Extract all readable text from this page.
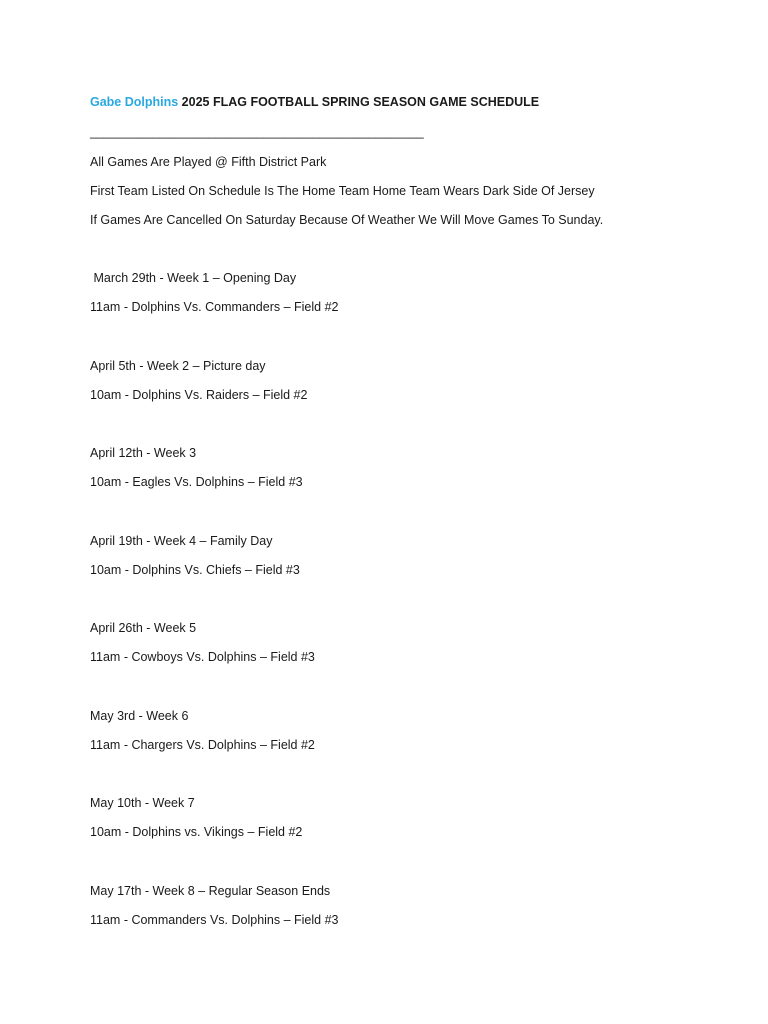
Gabe Dolphins 2025 FLAG FOOTBALL SPRING SEASON GAME SCHEDULE
________________________________________________
All Games Are Played @ Fifth District Park
First Team Listed On Schedule Is The Home Team Home Team Wears Dark Side Of Jersey
If Games Are Cancelled On Saturday Because Of Weather We Will Move Games To Sunday.
March 29th - Week 1 – Opening Day
11am - Dolphins Vs. Commanders – Field #2
April 5th - Week 2 – Picture day
10am - Dolphins Vs. Raiders – Field #2
April 12th - Week 3
10am - Eagles Vs. Dolphins – Field #3
April 19th - Week 4 – Family Day
10am - Dolphins Vs. Chiefs – Field #3
April 26th - Week 5
11am - Cowboys Vs. Dolphins – Field #3
May 3rd - Week 6
11am - Chargers Vs. Dolphins – Field #2
May 10th - Week 7
10am - Dolphins vs. Vikings – Field #2
May 17th - Week 8 – Regular Season Ends
11am - Commanders Vs. Dolphins – Field #3
